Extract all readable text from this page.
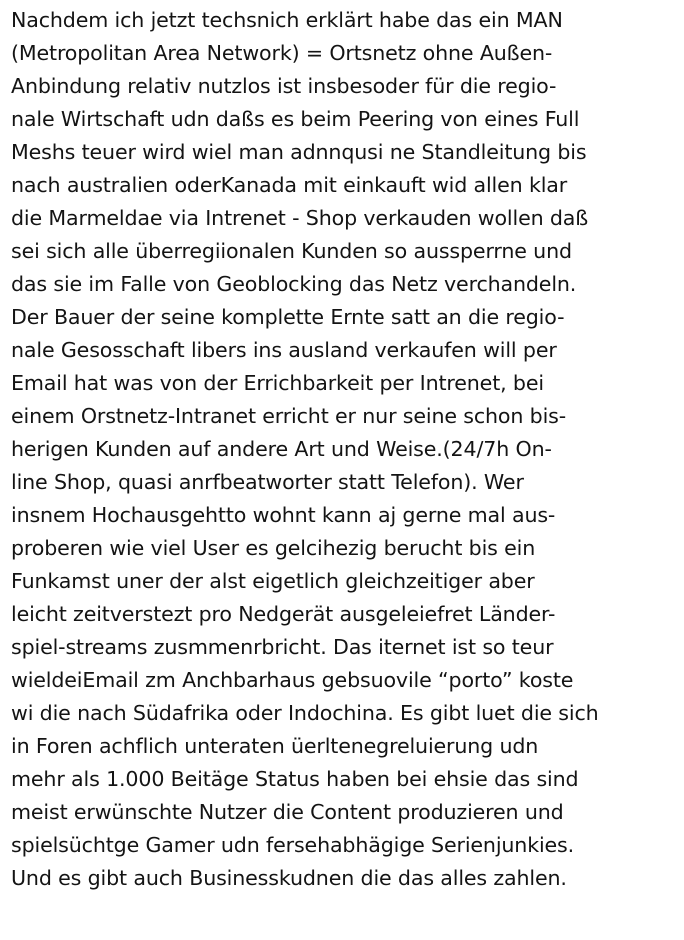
Nachdem ich jetzt techsnich erklärt habe das ein MAN
(Metropolitan Area Network) = Ortsnetz ohne Außen-
Anbindung relativ nutzlos ist insbesoder für die regio-
nale Wirtschaft udn daßs es beim Peering von eines Full
Meshs teuer wird wiel man adnnqusi ne Standleitung bis
nach australien oderKanada mit einkauft wid allen klar
die Marmeldae via Intrenet - Shop verkauden wollen daß
sei sich alle überregiionalen Kunden so aussperrne und
das sie im Falle von Geoblocking das Netz verchandeln.
Der Bauer der seine komplette Ernte satt an die regio-
nale Gesosschaft libers ins ausland verkaufen will per
Email hat was von der Errichbarkeit per Intrenet, bei
einem Orstnetz-Intranet erricht er nur seine schon bis-
herigen Kunden auf andere Art und Weise.(24/7h On-
line Shop, quasi anrfbeatworter statt Telefon). Wer
insnem Hochausgehtto wohnt kann aj gerne mal aus-
proberen wie viel User es gelcihezig berucht bis ein
Funkamst uner der alst eigetlich gleichzeitiger aber
leicht zeitverstezt pro Nedgerät ausgeleiefret Länder-
spiel-streams zusmmenrbricht. Das iternet ist so teur
wieldeiEmail zm Anchbarhaus gebsuovile “porto” koste
wi die nach Südafrika oder Indochina. Es gibt luet die sich
in Foren achflich unteraten üerltenegreluierung udn
mehr als 1.000 Beitäge Status haben bei ehsie das sind
meist erwünschte Nutzer die Content produzieren und
spielsüchtge Gamer udn fersehabhägige Serienjunkies.
Und es gibt auch Businesskudnen die das alles zahlen.
